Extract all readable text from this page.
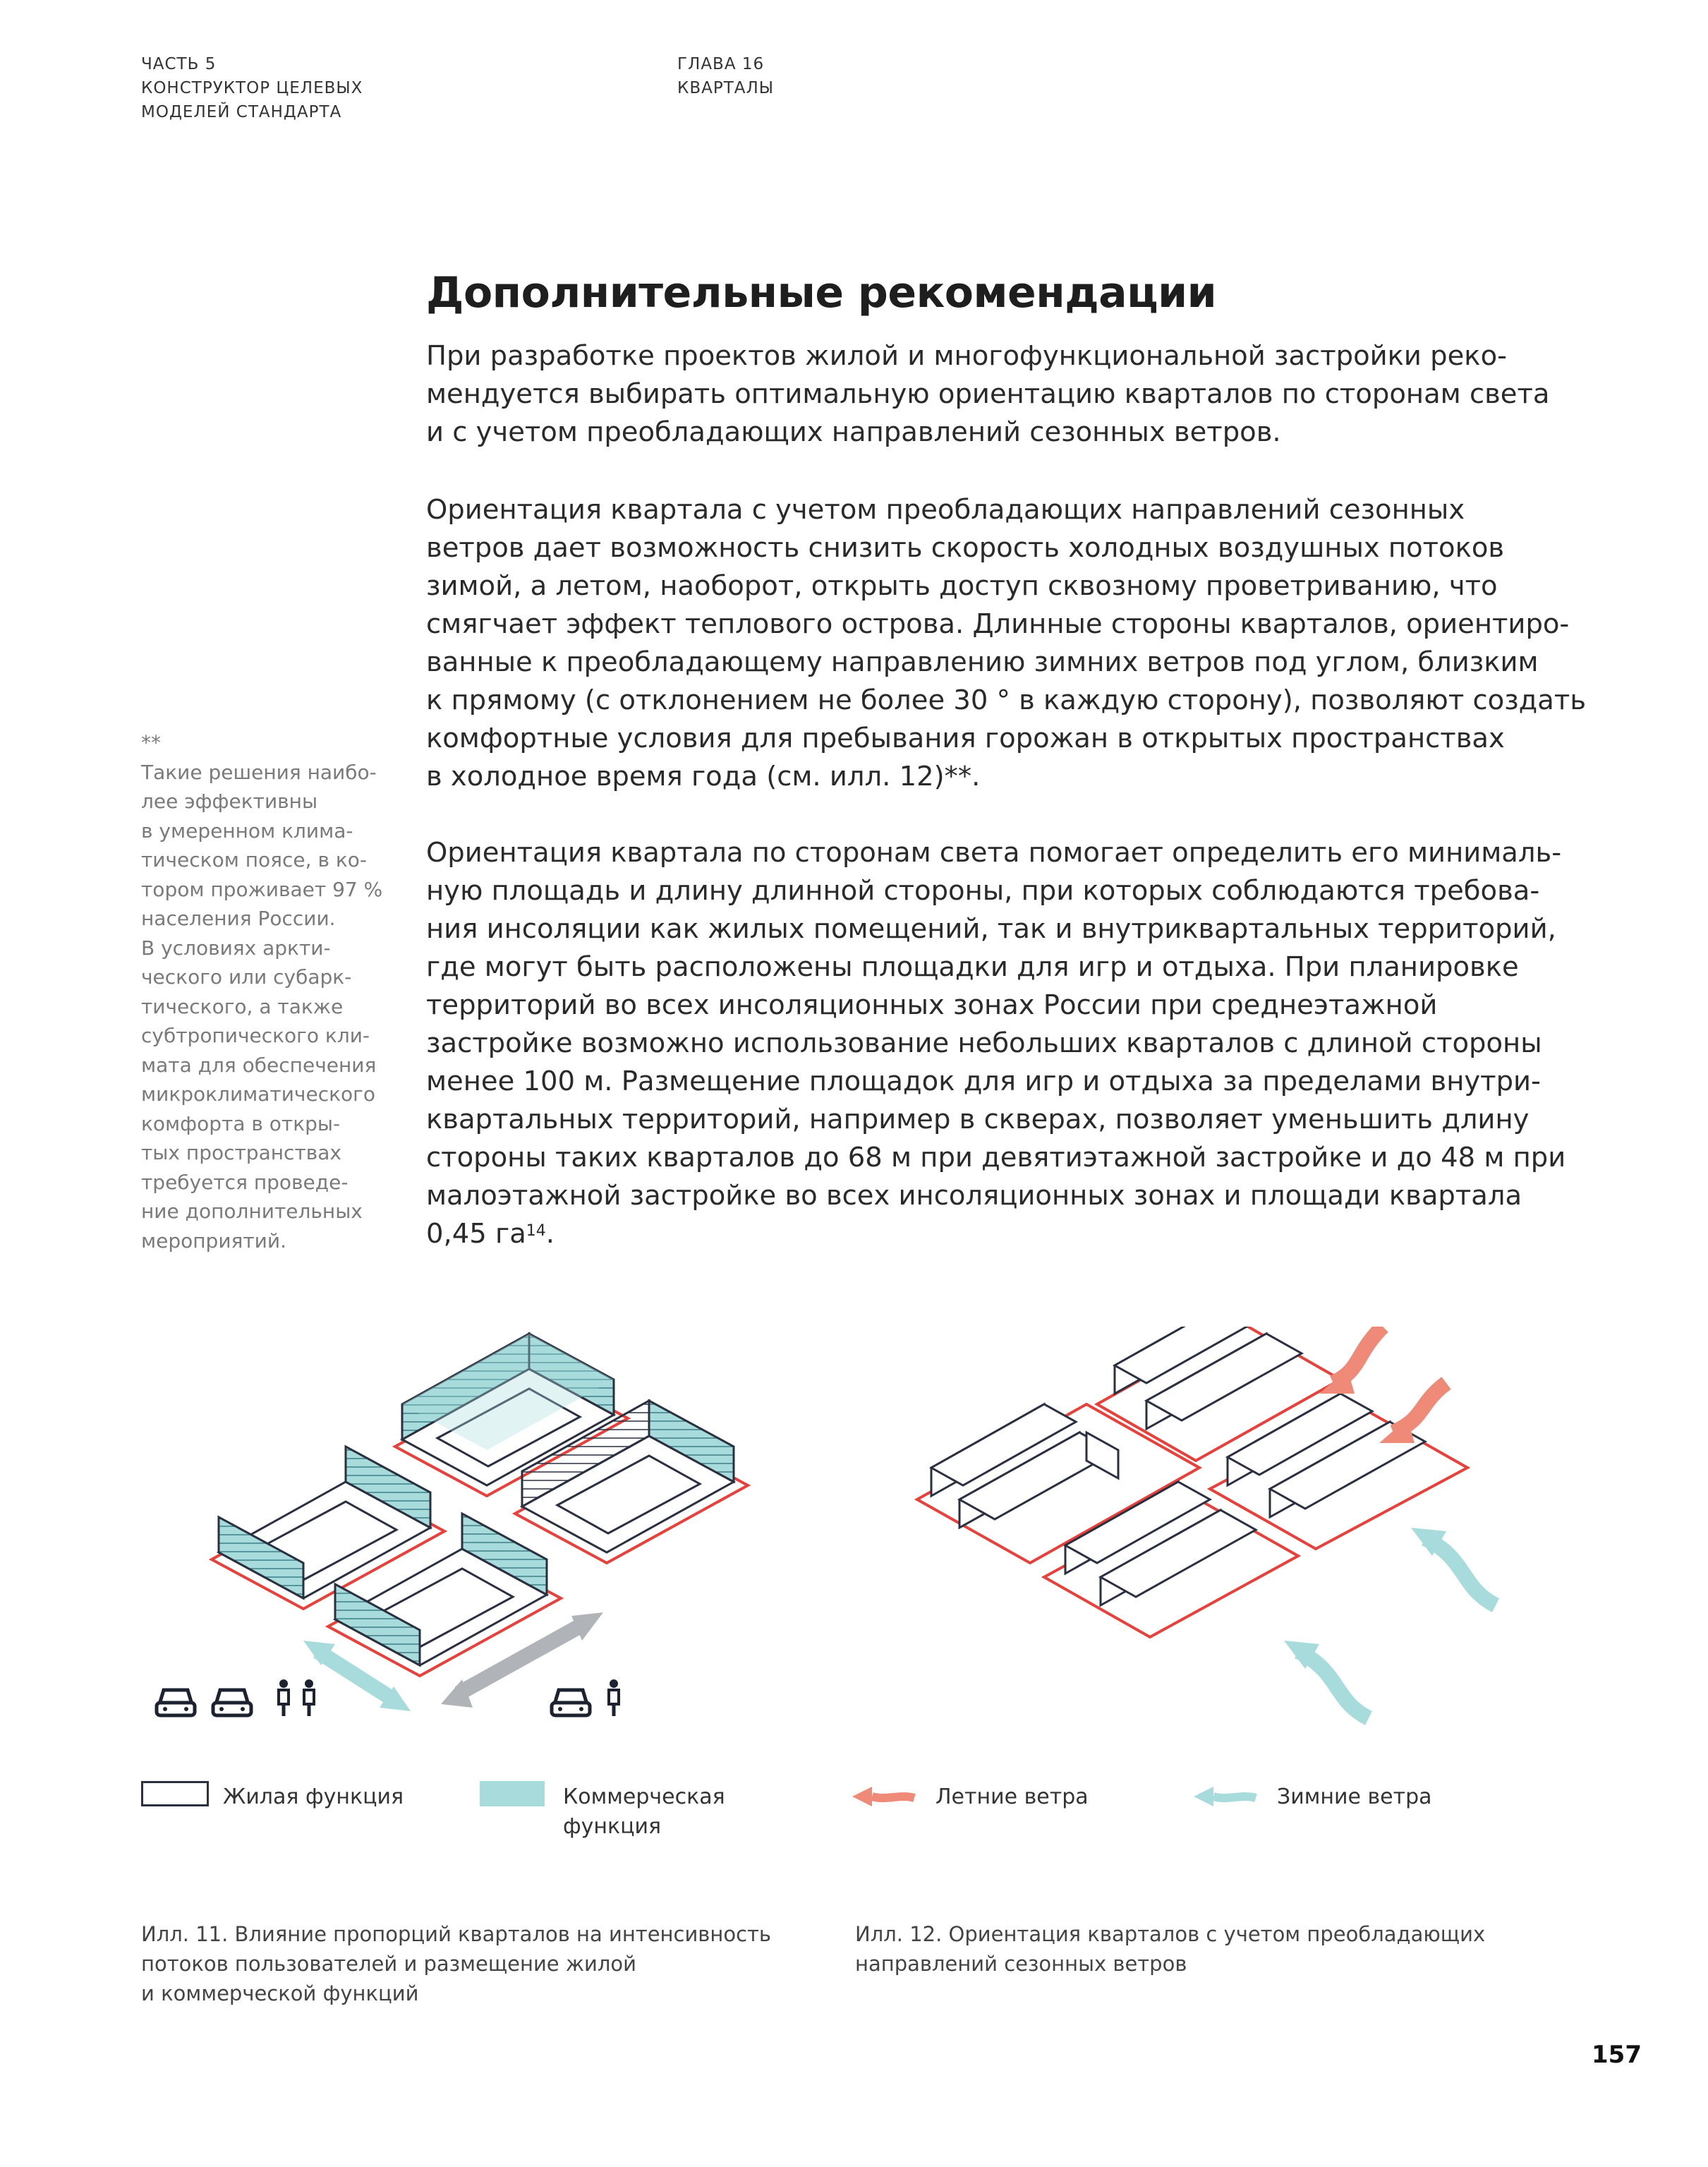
ЧАСТЬ 5
КОНСТРУКТОР ЦЕЛЕВЫХ
МОДЕЛЕЙ СТАНДАРТА
ГЛАВА 16
КВАРТАЛЫ
Дополнительные рекомендации
При разработке проектов жилой и многофункциональной застройки реко-
мендуется выбирать оптимальную ориентацию кварталов по сторонам света
и с учетом преобладающих направлений сезонных ветров.
Ориентация квартала с учетом преобладающих направлений сезонных
ветров дает возможность снизить скорость холодных воздушных потоков
зимой, а летом, наоборот, открыть доступ сквозному проветриванию, что
смягчает эффект теплового острова. Длинные стороны кварталов, ориентиро-
ванные к преобладающему направлению зимних ветров под углом, близким
к прямому (с отклонением не более 30 ° в каждую сторону), позволяют создать
комфортные условия для пребывания горожан в открытых пространствах
в холодное время года (см. илл. 12)**.
Ориентация квартала по сторонам света помогает определить его минималь-
ную площадь и длину длинной стороны, при которых соблюдаются требова-
ния инсоляции как жилых помещений, так и внутриквартальных территорий,
где могут быть расположены площадки для игр и отдыха. При планировке
территорий во всех инсоляционных зонах России при среднеэтажной
застройке возможно использование небольших кварталов с длиной стороны
менее 100 м. Размещение площадок для игр и отдыха за пределами внутри-
квартальных территорий, например в скверах, позволяет уменьшить длину
стороны таких кварталов до 68 м при девятиэтажной застройке и до 48 м при
малоэтажной застройке во всех инсоляционных зонах и площади квартала
0,45 $га^{14}$.
**
Такие решения наибо-
лее эффективны
в умеренном клима-
тическом поясе, в ко-
тором проживает 97 %
населения России.
В условиях аркти-
ческого или субарк-
тического, а также
субтропического кли-
мата для обеспечения
микроклиматического
комфорта в откры-
тых пространствах
требуется проведе-
ние дополнительных
мероприятий.
Жилая функция	Коммерческая
функция
Летние ветра	Зимние ветра
Илл. 11. Влияние пропорций кварталов на интенсивность
потоков пользователей и размещение жилой
и коммерческой функций
Илл. 12. Ориентация кварталов с учетом преобладающих
направлений сезонных ветров
157
